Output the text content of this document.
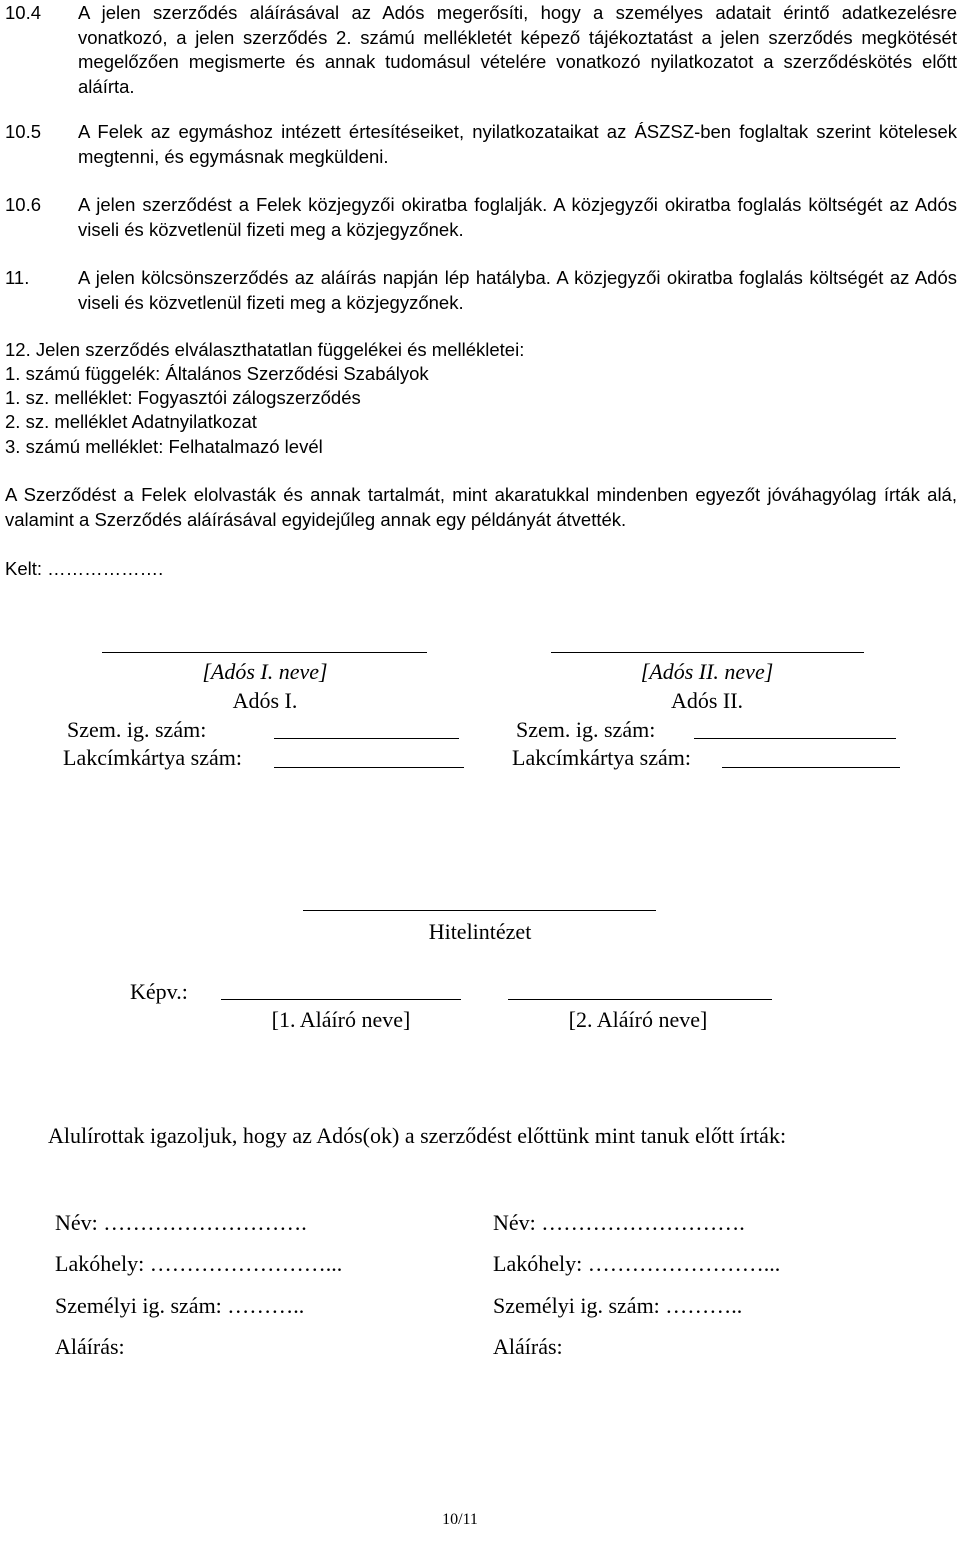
10.4 A jelen szerződés aláírásával az Adós megerősíti, hogy a személyes adatait érintő adatkezelésre vonatkozó, a jelen szerződés 2. számú mellékletét képező tájékoztatást a jelen szerződés megkötését megelőzően megismerte és annak tudomásul vételére vonatkozó nyilatkozatot a szerződéskötés előtt aláírta.
10.5 A Felek az egymáshoz intézett értesítéseiket, nyilatkozataikat az ÁSZSZ-ben foglaltak szerint kötelesek megtenni, és egymásnak megküldeni.
10.6 A jelen szerződést a Felek közjegyzői okiratba foglalják. A közjegyzői okiratba foglalás költségét az Adós viseli és közvetlenül fizeti meg a közjegyzőnek.
11.	A jelen kölcsönszerződés az aláírás napján lép hatályba. A közjegyzői okiratba foglalás költségét az Adós viseli és közvetlenül fizeti meg a közjegyzőnek.
12. Jelen szerződés elválaszthatatlan függelékei és mellékletei:
1. számú függelék: Általános Szerződési Szabályok
1. sz. melléklet: Fogyasztói zálogszerződés
2. sz. melléklet Adatnyilatkozat
3. számú melléklet: Felhatalmazó levél
A Szerződést a Felek elolvasták és annak tartalmát, mint akaratukkal mindenben egyezőt jóváhagyólag írták alá, valamint a Szerződés aláírásával egyidejűleg annak egy példányát átvették.
Kelt: ……………….
[Adós I. neve]	[Adós II. neve]
Adós I.	Adós II.
Szem. ig. szám:	Szem. ig. szám:
Lakcímkártya szám:	Lakcímkártya szám:
Hitelintézet
Képv.:
[1. Aláíró neve]	[2. Aláíró neve]
Alulírottak igazoljuk, hogy az Adós(ok) a szerződést előttünk mint tanuk előtt írták:
Név: ……………………….	Név: ……………………….
Lakóhely: ……………………...	Lakóhely: ……………………...
Személyi ig. szám: ………..	Személyi ig. szám: ………..
Aláírás:	Aláírás:
10/11
